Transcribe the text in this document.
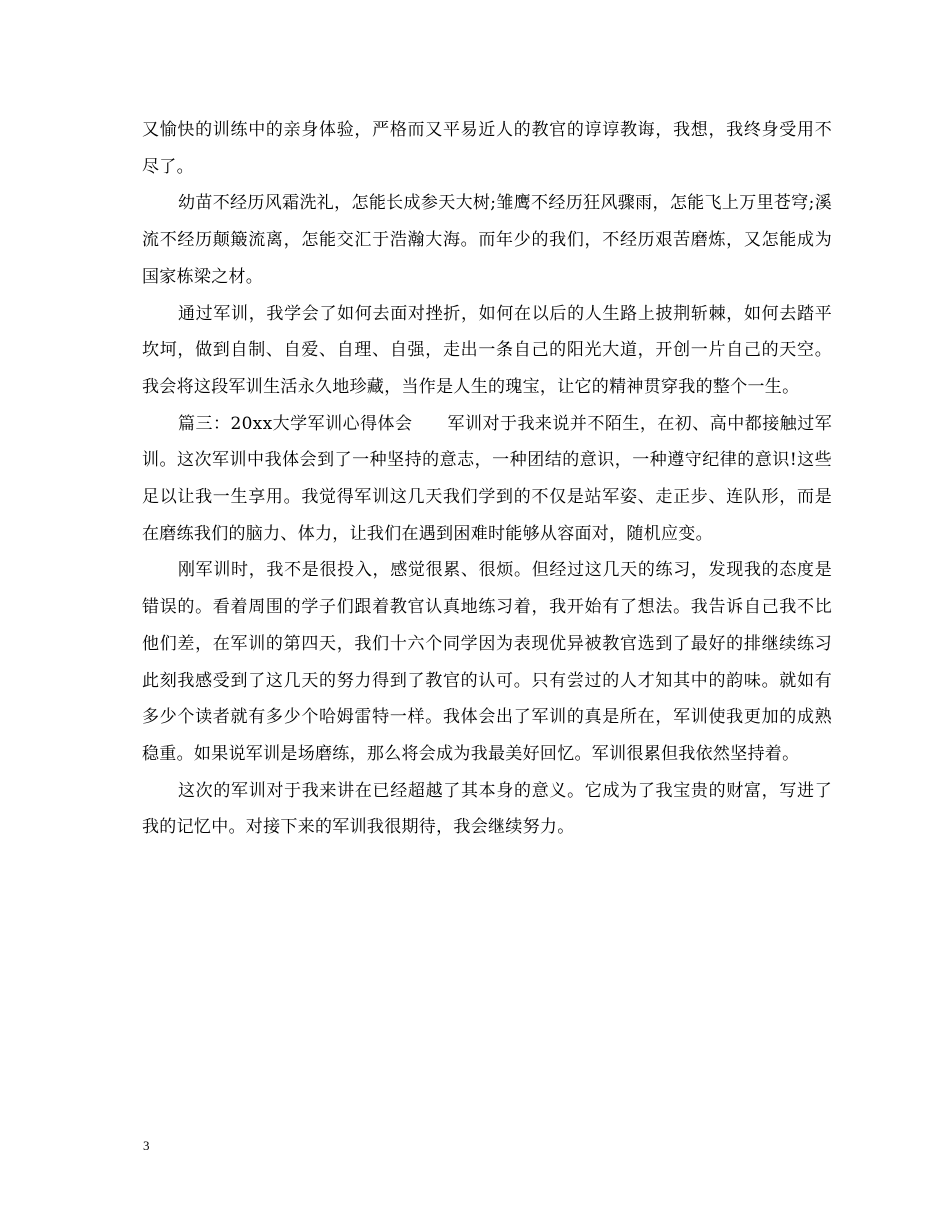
又愉快的训练中的亲身体验，严格而又平易近人的教官的谆谆教诲，我想，我终身受用不尽了。

幼苗不经历风霜洗礼，怎能长成参天大树;雏鹰不经历狂风骤雨，怎能飞上万里苍穹;溪流不经历颠簸流离，怎能交汇于浩瀚大海。而年少的我们，不经历艰苦磨炼，又怎能成为国家栋梁之材。

通过军训，我学会了如何去面对挫折，如何在以后的人生路上披荆斩棘，如何去踏平坎坷，做到自制、自爱、自理、自强，走出一条自己的阳光大道，开创一片自己的天空。我会将这段军训生活永久地珍藏，当作是人生的瑰宝，让它的精神贯穿我的整个一生。

篇三：20xx大学军训心得体会　　军训对于我来说并不陌生，在初、高中都接触过军训。这次军训中我体会到了一种坚持的意志，一种团结的意识，一种遵守纪律的意识!这些足以让我一生享用。我觉得军训这几天我们学到的不仅是站军姿、走正步、连队形，而是在磨练我们的脑力、体力，让我们在遇到困难时能够从容面对，随机应变。

刚军训时，我不是很投入，感觉很累、很烦。但经过这几天的练习，发现我的态度是错误的。看着周围的学子们跟着教官认真地练习着，我开始有了想法。我告诉自己我不比他们差，在军训的第四天，我们十六个同学因为表现优异被教官选到了最好的排继续练习此刻我感受到了这几天的努力得到了教官的认可。只有尝过的人才知其中的韵味。就如有多少个读者就有多少个哈姆雷特一样。我体会出了军训的真是所在，军训使我更加的成熟稳重。如果说军训是场磨练，那么将会成为我最美好回忆。军训很累但我依然坚持着。

这次的军训对于我来讲在已经超越了其本身的意义。它成为了我宝贵的财富，写进了我的记忆中。对接下来的军训我很期待，我会继续努力。

3
